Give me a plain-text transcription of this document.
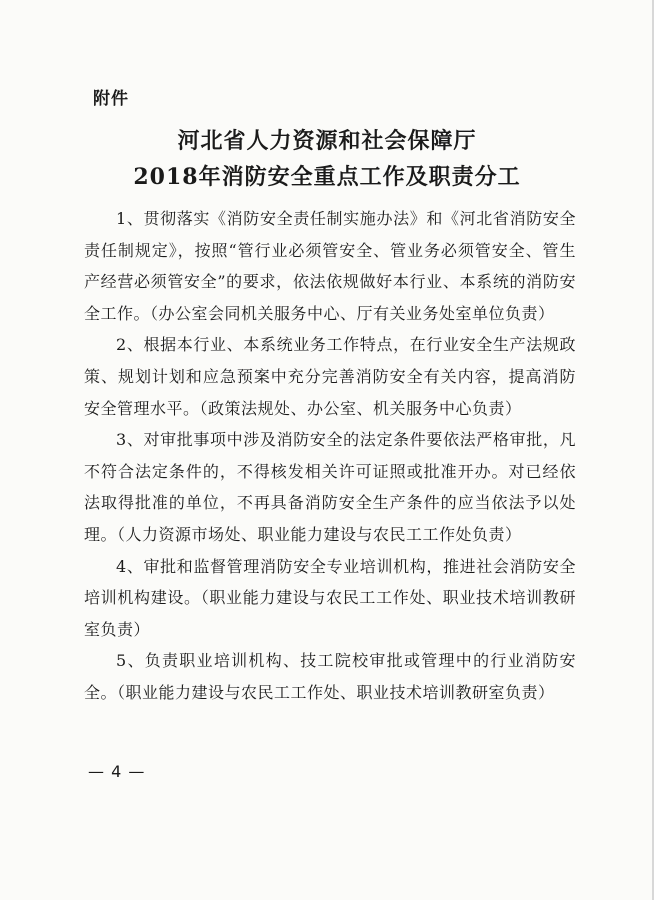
附件
河北省人力资源和社会保障厅
2018年消防安全重点工作及职责分工

1、贯彻落实《消防安全责任制实施办法》和《河北省消防安全责任制规定》，按照“管行业必须管安全、管业务必须管安全、管生产经营必须管安全”的要求，依法依规做好本行业、本系统的消防安全工作。（办公室会同机关服务中心、厅有关业务处室单位负责）

2、根据本行业、本系统业务工作特点，在行业安全生产法规政策、规划计划和应急预案中充分完善消防安全有关内容，提高消防安全管理水平。（政策法规处、办公室、机关服务中心负责）

3、对审批事项中涉及消防安全的法定条件要依法严格审批，凡不符合法定条件的，不得核发相关许可证照或批准开办。对已经依法取得批准的单位，不再具备消防安全生产条件的应当依法予以处理。（人力资源市场处、职业能力建设与农民工工作处负责）

4、审批和监督管理消防安全专业培训机构，推进社会消防安全培训机构建设。（职业能力建设与农民工工作处、职业技术培训教研室负责）

5、负责职业培训机构、技工院校审批或管理中的行业消防安全。（职业能力建设与农民工工作处、职业技术培训教研室负责）

— 4 —
